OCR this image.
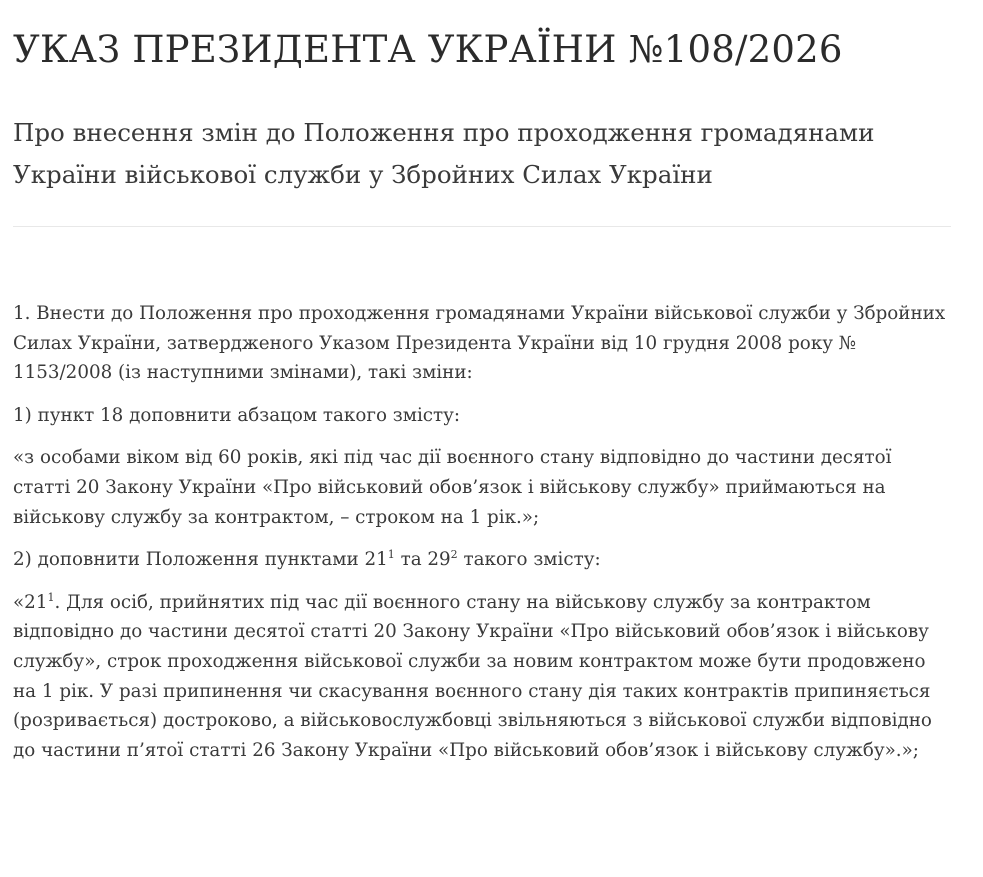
УКАЗ ПРЕЗИДЕНТА УКРАЇНИ №108/2026
Про внесення змін до Положення про проходження громадянами України військової служби у Збройних Силах України

1. Внести до Положення про проходження громадянами України військової служби у Збройних Силах України, затвердженого Указом Президента України від 10 грудня 2008 року № 1153/2008 (із наступними змінами), такі зміни:

1) пункт 18 доповнити абзацом такого змісту:

«з особами віком від 60 років, які під час дії воєнного стану відповідно до частини десятої статті 20 Закону України «Про військовий обов’язок і військову службу» приймаються на військову службу за контрактом, – строком на 1 рік.»;

2) доповнити Положення пунктами $21^1$ та $29^2$ такого змісту:

«$21^1$. Для осіб, прийнятих під час дії воєнного стану на військову службу за контрактом відповідно до частини десятої статті 20 Закону України «Про військовий обов’язок і військову службу», строк проходження військової служби за новим контрактом може бути продовжено на 1 рік. У разі припинення чи скасування воєнного стану дія таких контрактів припиняється (розривається) достроково, а військовослужбовці звільняються з військової служби відповідно до частини п’ятої статті 26 Закону України «Про військовий обов’язок і військову службу».»;
